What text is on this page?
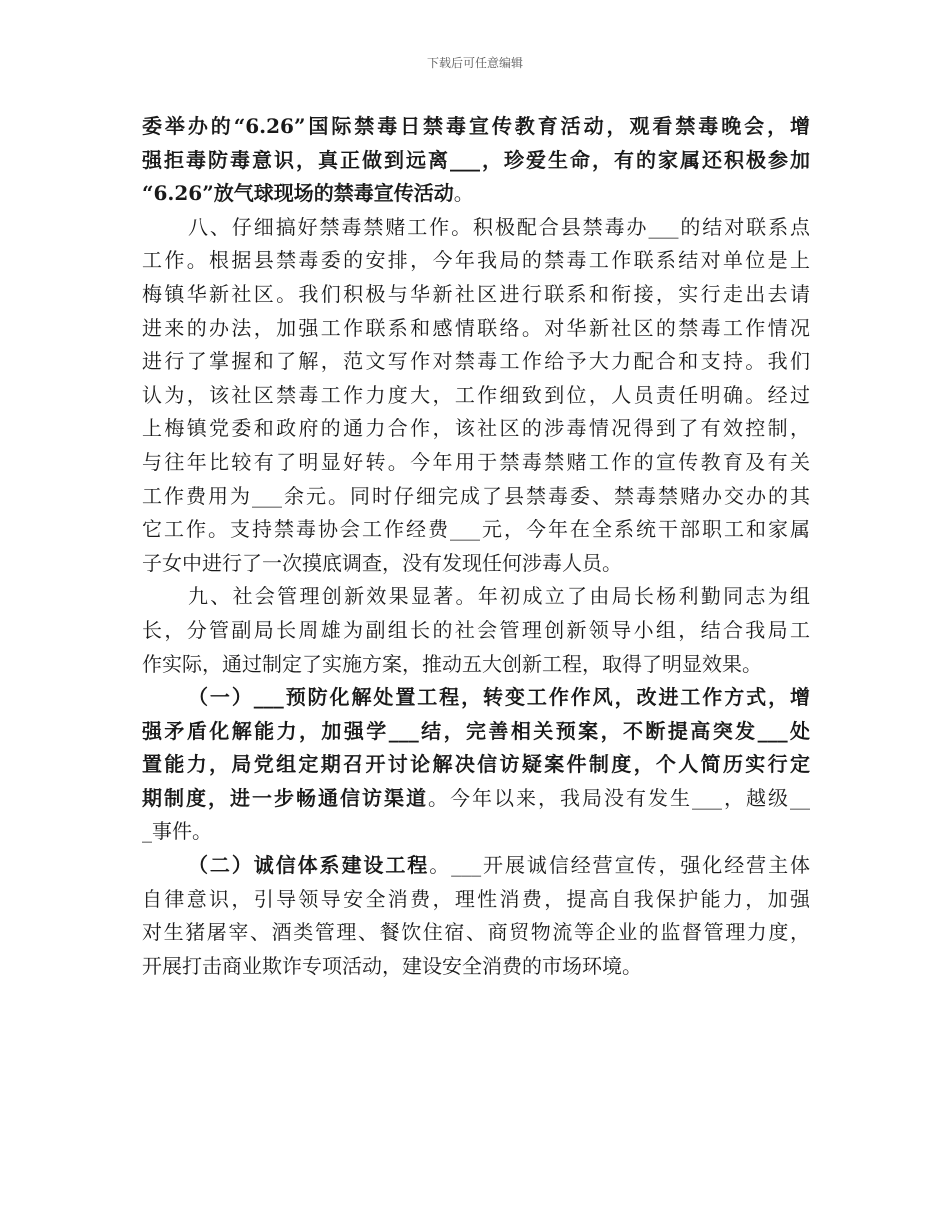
下载后可任意编辑
委举办的“6.26”国际禁毒日禁毒宣传教育活动，观看禁毒晚会，增
强拒毒防毒意识，真正做到远离___，珍爱生命，有的家属还积极参加
“6.26”放气球现场的禁毒宣传活动。
八、仔细搞好禁毒禁赌工作。积极配合县禁毒办___的结对联系点
工作。根据县禁毒委的安排，今年我局的禁毒工作联系结对单位是上
梅镇华新社区。我们积极与华新社区进行联系和衔接，实行走出去请
进来的办法，加强工作联系和感情联络。对华新社区的禁毒工作情况
进行了掌握和了解，范文写作对禁毒工作给予大力配合和支持。我们
认为，该社区禁毒工作力度大，工作细致到位，人员责任明确。经过
上梅镇党委和政府的通力合作，该社区的涉毒情况得到了有效控制，
与往年比较有了明显好转。今年用于禁毒禁赌工作的宣传教育及有关
工作费用为___余元。同时仔细完成了县禁毒委、禁毒禁赌办交办的其
它工作。支持禁毒协会工作经费___元，今年在全系统干部职工和家属
子女中进行了一次摸底调查，没有发现任何涉毒人员。
九、社会管理创新效果显著。年初成立了由局长杨利勤同志为组
长，分管副局长周雄为副组长的社会管理创新领导小组，结合我局工
作实际，通过制定了实施方案，推动五大创新工程，取得了明显效果。
（一）___预防化解处置工程，转变工作作风，改进工作方式，增
强矛盾化解能力，加强学___结，完善相关预案，不断提高突发___处
置能力，局党组定期召开讨论解决信访疑案件制度，个人简历实行定
期制度，进一步畅通信访渠道。今年以来，我局没有发生___，越级__
_事件。
（二）诚信体系建设工程。___开展诚信经营宣传，强化经营主体
自律意识，引导领导安全消费，理性消费，提高自我保护能力，加强
对生猪屠宰、酒类管理、餐饮住宿、商贸物流等企业的监督管理力度，
开展打击商业欺诈专项活动，建设安全消费的市场环境。
